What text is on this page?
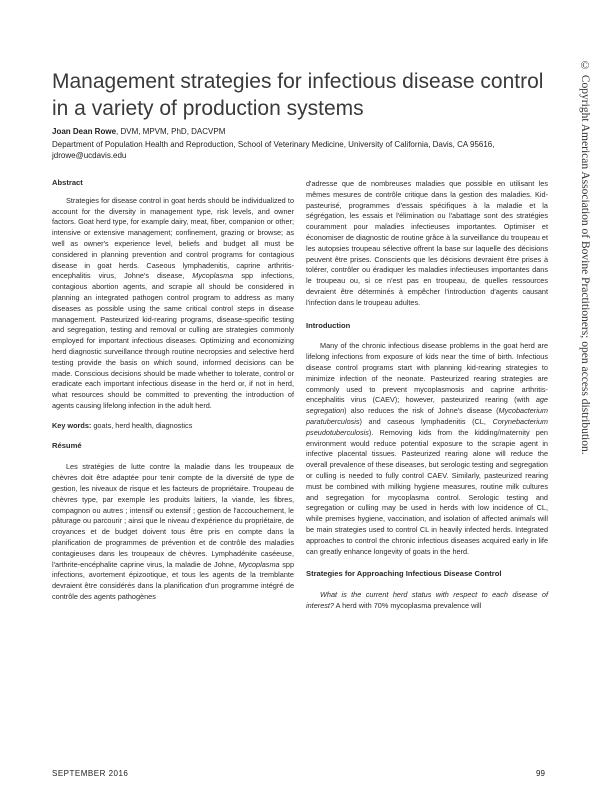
Management strategies for infectious disease control in a variety of production systems
Joan Dean Rowe, DVM, MPVM, PhD, DACVPM
Department of Population Health and Reproduction, School of Veterinary Medicine, University of California, Davis, CA 95616, jdrowe@ucdavis.edu

Abstract

Strategies for disease control in goat herds should be individualized to account for the diversity in management type, risk levels, and owner factors. Goat herd type, for example dairy, meat, fiber, companion or other; intensive or extensive management; confinement, grazing or browse; as well as owner's experience level, beliefs and budget all must be considered in planning prevention and control programs for contagious disease in goat herds. Caseous lymphadenitis, caprine arthritis-encephalitis virus, Johne's disease, Mycoplasma spp infections, contagious abortion agents, and scrapie all should be considered in planning an integrated pathogen control program to address as many diseases as possible using the same critical control steps in disease management. Pasteurized kid-rearing programs, disease-specific testing and segregation, testing and removal or culling are strategies commonly employed for important infectious diseases. Optimizing and economizing herd diagnostic surveillance through routine necropsies and selective herd testing provide the basis on which sound, informed decisions can be made. Conscious decisions should be made whether to tolerate, control or eradicate each important infectious disease in the herd or, if not in herd, what resources should be committed to preventing the introduction of agents causing lifelong infection in the adult herd.

Key words: goats, herd health, diagnostics

Résumé

Les stratégies de lutte contre la maladie dans les troupeaux de chèvres doit être adaptée pour tenir compte de la diversité de type de gestion, les niveaux de risque et les facteurs de propriétaire. Troupeau de chèvres type, par exemple les produits laitiers, la viande, les fibres, compagnon ou autres ; intensif ou extensif ; gestion de l'accouchement, le pâturage ou parcourir ; ainsi que le niveau d'expérience du propriétaire, de croyances et de budget doivent tous être pris en compte dans la planification de programmes de prévention et de contrôle des maladies contagieuses dans les troupeaux de chèvres. Lymphadénite caséeuse, l'arthrite-encéphalite caprine virus, la maladie de Johne, Mycoplasma spp infections, avortement épizootique, et tous les agents de la tremblante devraient être considérés dans la planification d'un programme intégré de contrôle des agents pathogènes

d'adresse que de nombreuses maladies que possible en utilisant les mêmes mesures de contrôle critique dans la gestion des maladies. Kid-pasteurisé, programmes d'essais spécifiques à la maladie et la ségrégation, les essais et l'élimination ou l'abattage sont des stratégies couramment pour maladies infectieuses importantes. Optimiser et économiser de diagnostic de routine grâce à la surveillance du troupeau et les autopsies troupeau sélective offrent la base sur laquelle des décisions peuvent être prises. Conscients que les décisions devraient être prises à tolérer, contrôler ou éradiquer les maladies infectieuses importantes dans le troupeau ou, si ce n'est pas en troupeau, de quelles ressources devraient être déterminés à empêcher l'introduction d'agents causant l'infection dans le troupeau adultes.

Introduction

Many of the chronic infectious disease problems in the goat herd are lifelong infections from exposure of kids near the time of birth. Infectious disease control programs start with planning kid-rearing strategies to minimize infection of the neonate. Pasteurized rearing strategies are commonly used to prevent mycoplasmosis and caprine arthritis-encephalitis virus (CAEV); however, pasteurized rearing (with age segregation) also reduces the risk of Johne's disease (Mycobacterium paratuberculosis) and caseous lymphadenitis (CL, Corynebacterium pseudotuberculosis). Removing kids from the kidding/maternity pen environment would reduce potential exposure to the scrapie agent in infective placental tissues. Pasteurized rearing alone will reduce the overall prevalence of these diseases, but serologic testing and segregation or culling is needed to fully control CAEV. Similarly, pasteurized rearing must be combined with milking hygiene measures, routine milk cultures and segregation for mycoplasma control. Serologic testing and segregation or culling may be used in herds with low incidence of CL, while premises hygiene, vaccination, and isolation of affected animals will be main strategies used to control CL in heavily infected herds. Integrated approaches to control the chronic infectious diseases acquired early in life can greatly enhance longevity of goats in the herd.

Strategies for Approaching Infectious Disease Control

What is the current herd status with respect to each disease of interest? A herd with 70% mycoplasma prevalence will

© Copyright American Association of Bovine Practitioners; open access distribution.
SEPTEMBER 2016	99
